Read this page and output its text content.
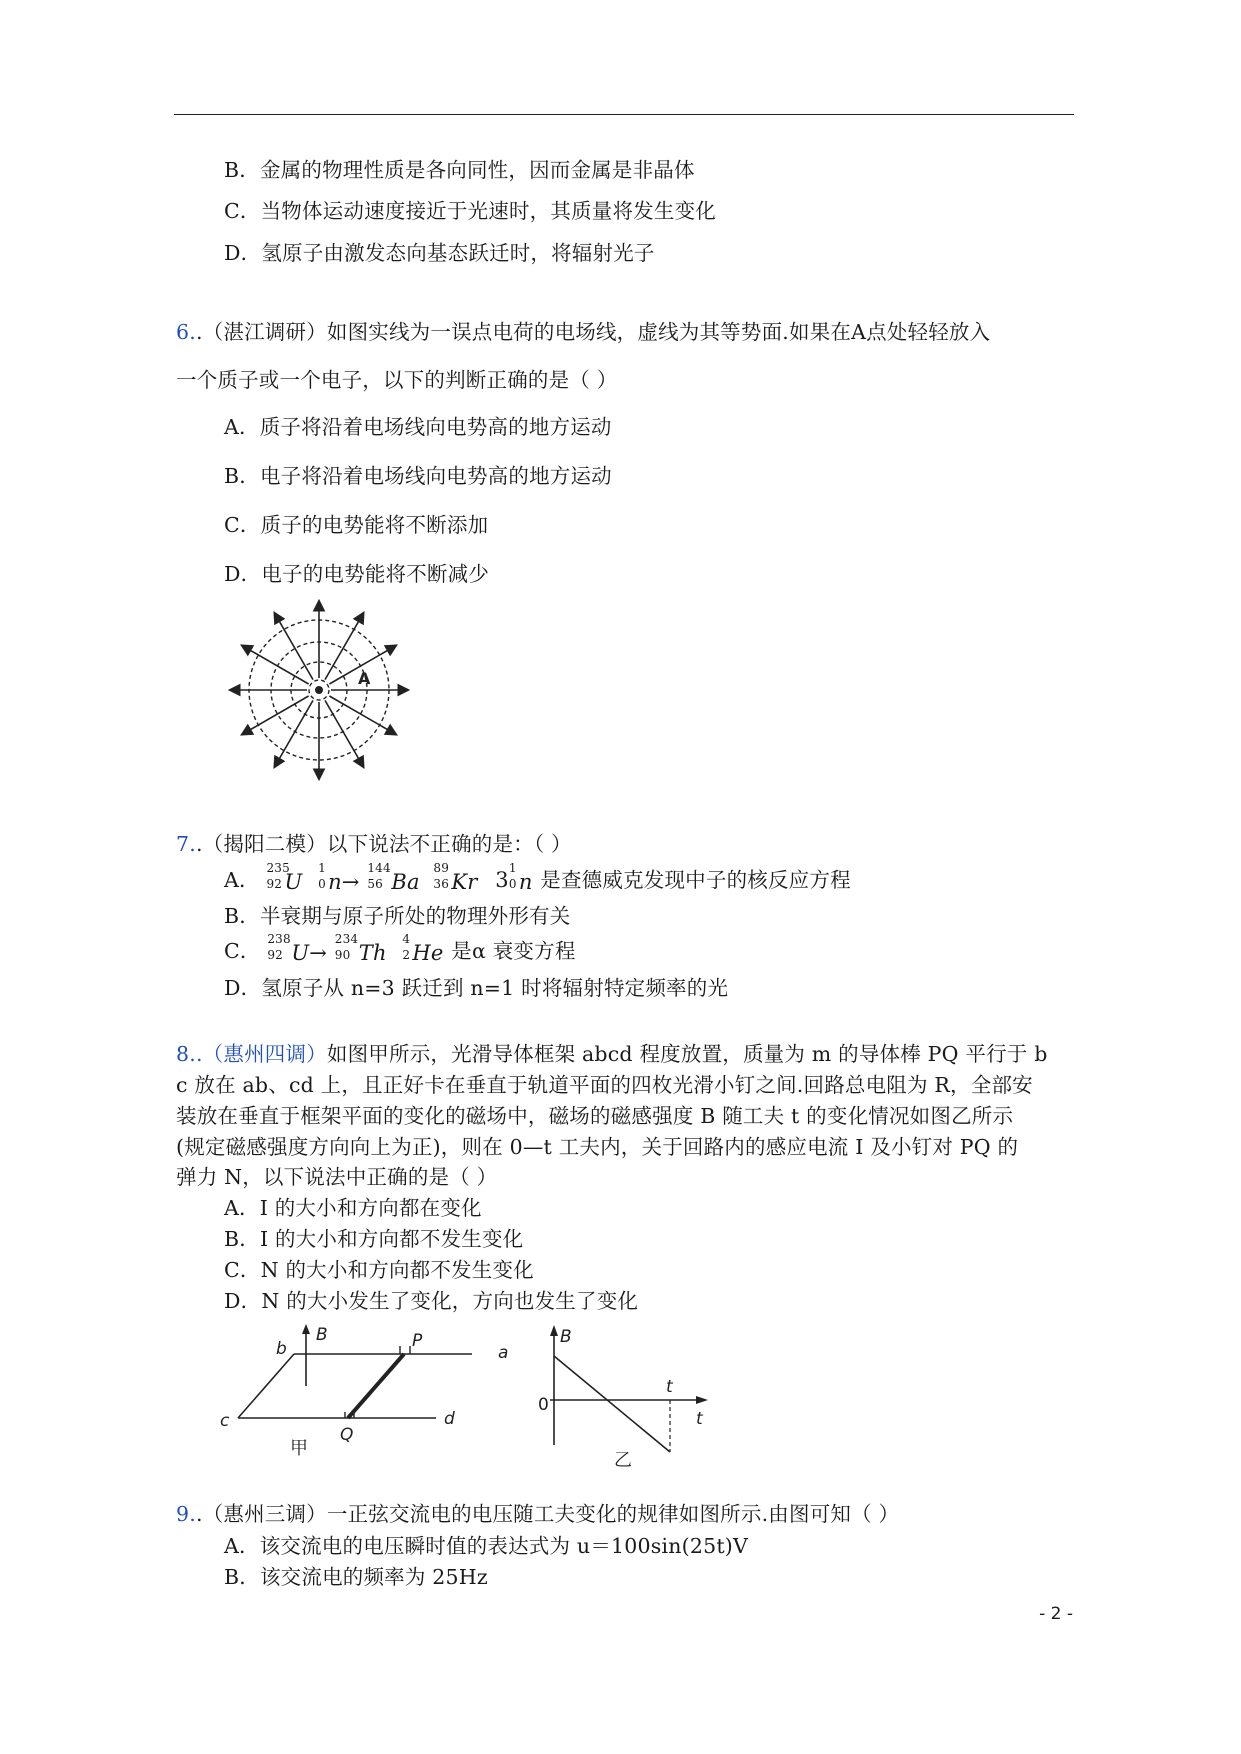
B．金属的物理性质是各向同性，因而金属是非晶体
C．当物体运动速度接近于光速时，其质量将发生变化
D．氢原子由激发态向基态跃迁时，将辐射光子
6..（湛江调研）如图实线为一误点电荷的电场线，虚线为其等势面.如果在A点处轻轻放入
一个质子或一个电子，以下的判断正确的是（ ）
A．质子将沿着电场线向电势高的地方运动
B．电子将沿着电场线向电势高的地方运动
C．质子的电势能将不断添加
D．电子的电势能将不断减少
A
7..（揭阳二模）以下说法不正确的是：（ ）
A．
235
92 U
1
0 n→
144
56 Ba
89
36 Kr 3
1
0 n 是查德威克发现中子的核反应方程
B．半衰期与原子所处的物理外形有关
C．
238
92 U→
234
90 Th
4
2 He 是α 衰变方程
D．氢原子从 n=3 跃迁到 n=1 时将辐射特定频率的光
8..（惠州四调）如图甲所示，光滑导体框架 abcd 程度放置，质量为 m 的导体棒 PQ 平行于 b
c 放在 ab、cd 上，且正好卡在垂直于轨道平面的四枚光滑小钉之间.回路总电阻为 R，全部安
装放在垂直于框架平面的变化的磁场中，磁场的磁感强度 B 随工夫 t 的变化情况如图乙所示
(规定磁感强度方向向上为正)，则在 0—t 工夫内，关于回路内的感应电流 I 及小钉对 PQ 的
弹力 N，以下说法中正确的是（ ）
A．I 的大小和方向都在变化
B．I 的大小和方向都不发生变化
C．N 的大小和方向都不发生变化
D．N 的大小发生了变化，方向也发生了变化
b
B	P
a
c
Q
d
甲
B
0
t
t
乙
9..（惠州三调）一正弦交流电的电压随工夫变化的规律如图所示.由图可知（ ）
A．该交流电的电压瞬时值的表达式为 u＝100sin(25t)V
B．该交流电的频率为 25Hz
- 2 -
